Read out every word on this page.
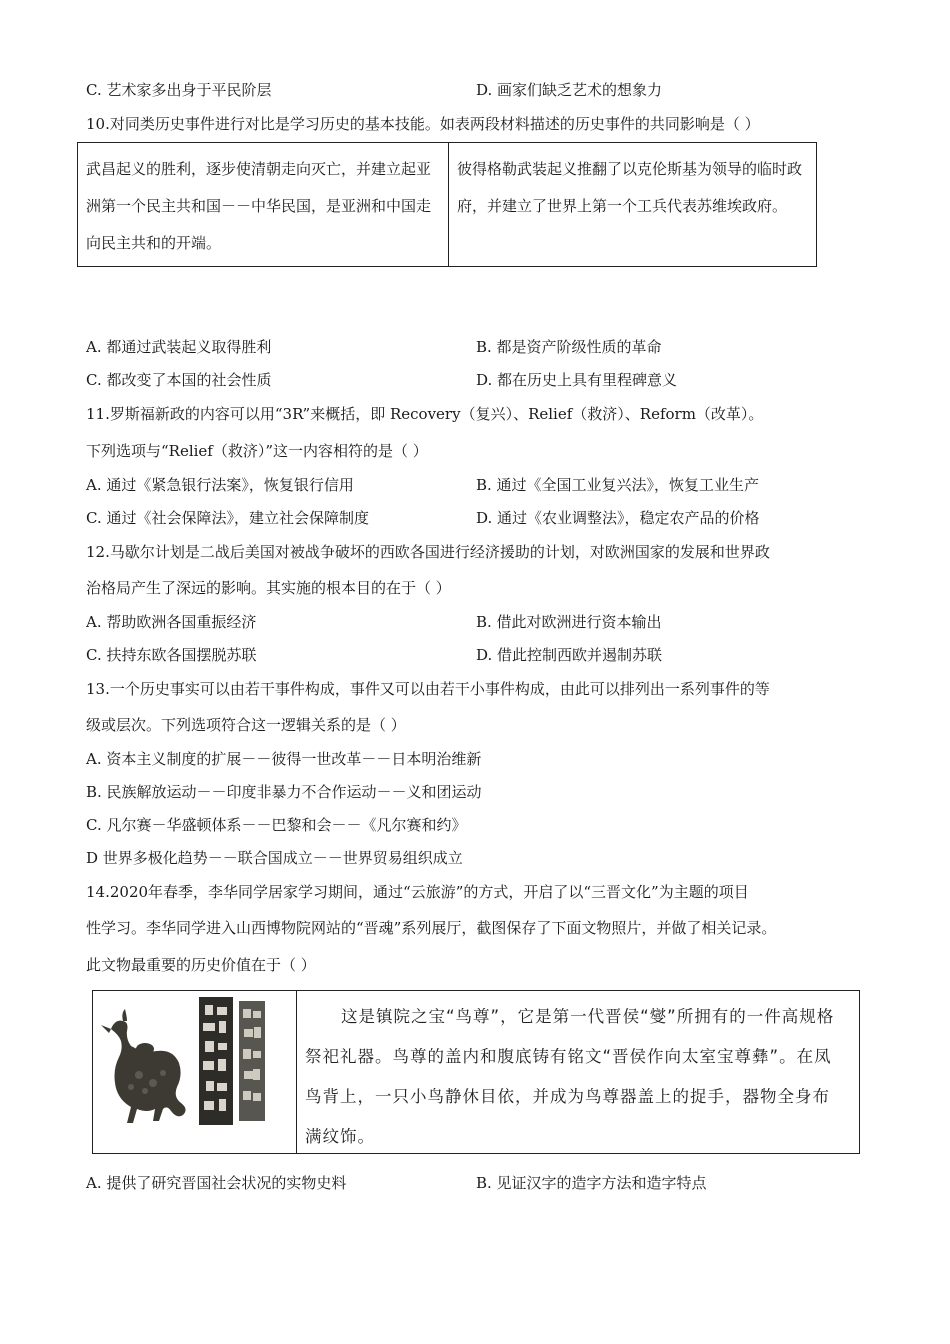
C. 艺术家多出身于平民阶层	D. 画家们缺乏艺术的想象力
10.对同类历史事件进行对比是学习历史的基本技能。如表两段材料描述的历史事件的共同影响是（ ）
武昌起义的胜利，逐步使清朝走向灭亡，并建立起亚洲第一个民主共和国－－中华民国，是亚洲和中国走向民主共和的开端。	彼得格勒武装起义推翻了以克伦斯基为领导的临时政府，并建立了世界上第一个工兵代表苏维埃政府。
A. 都通过武装起义取得胜利	B. 都是资产阶级性质的革命
C. 都改变了本国的社会性质	D. 都在历史上具有里程碑意义
11.罗斯福新政的内容可以用“3R”来概括，即 Recovery（复兴）、Relief（救济）、Reform（改革）。
下列选项与“Relief（救济）”这一内容相符的是（ ）
A. 通过《紧急银行法案》，恢复银行信用	B. 通过《全国工业复兴法》，恢复工业生产
C. 通过《社会保障法》，建立社会保障制度	D. 通过《农业调整法》，稳定农产品的价格
12.马歇尔计划是二战后美国对被战争破坏的西欧各国进行经济援助的计划，对欧洲国家的发展和世界政
治格局产生了深远的影响。其实施的根本目的在于（ ）
A. 帮助欧洲各国重振经济	B. 借此对欧洲进行资本输出
C. 扶持东欧各国摆脱苏联	D. 借此控制西欧并遏制苏联
13.一个历史事实可以由若干事件构成，事件又可以由若干小事件构成，由此可以排列出一系列事件的等
级或层次。下列选项符合这一逻辑关系的是（ ）
A. 资本主义制度的扩展－－彼得一世改革－－日本明治维新
B. 民族解放运动－－印度非暴力不合作运动－－义和团运动
C. 凡尔赛－华盛顿体系－－巴黎和会－－《凡尔赛和约》
D 世界多极化趋势－－联合国成立－－世界贸易组织成立
14.2020年春季，李华同学居家学习期间，通过“云旅游”的方式，开启了以“三晋文化”为主题的项目
性学习。李华同学进入山西博物院网站的“晋魂”系列展厅，截图保存了下面文物照片，并做了相关记录。
此文物最重要的历史价值在于（ ）
这是镇院之宝“鸟尊”，它是第一代晋侯“燮”所拥有的一件高规格祭祀礼器。鸟尊的盖内和腹底铸有铭文“晋侯作向太室宝尊彝”。在凤鸟背上，一只小鸟静休目依，并成为鸟尊器盖上的捉手，器物全身布满纹饰。
A. 提供了研究晋国社会状况的实物史料	B. 见证汉字的造字方法和造字特点
